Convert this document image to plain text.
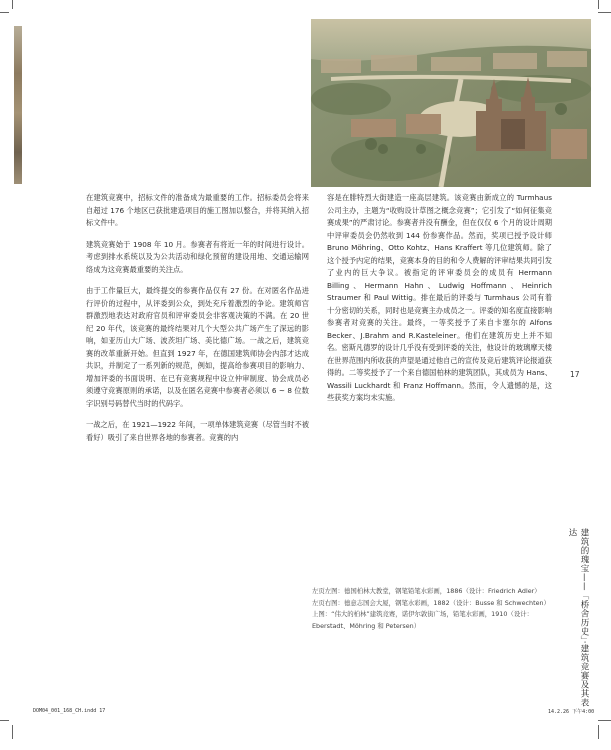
在建筑竞赛中，招标文件的准备成为最重要的工作。招标委员会将来自超过 176 个地区已获批建造项目的施工图加以整合，并将其纳入招标文件中。

建筑竞赛始于 1908 年 10 月。参赛者有将近一年的时间进行设计。考虑到排水系统以及为公共活动和绿化预留的建设用地、交通运输网络成为这竞赛最重要的关注点。

由于工作量巨大，最终提交的参赛作品仅有 27 份。在对匿名作品进行评价的过程中，从评委到公众，到处充斥着激烈的争论。建筑师官群激烈地表达对政府官员和评审委员会非客观决策的不满。在 20 世纪 20 年代，该竞赛的最终结果对几个大型公共广场产生了深远的影响，如亚历山大广场、波茨坦广场、美比德广场。一战之后，建筑竞赛的改革重新开始。但直到 1927 年，在德国建筑师协会内部才达成共识，并制定了一系列新的规范，例如，提高给参赛项目的影响力、增加评委的书面说明、在已有竞赛规程中设立仲审制度、协会成员必须遵守竞赛原则的承诺，以及在匿名竞赛中参赛者必须以 6 ~ 8 位数字识别号码替代当时的代码字。

一战之后，在 1921—1922 年间，一项单体建筑竞赛（尽管当时不被看好）吸引了来自世界各地的参赛者。竞赛的内

容是在腓特烈大街建造一座高层建筑。该竞赛由新成立的 Turmhaus 公司主办，主题为“收购设计草图之概念竞赛”；它引发了“如何征集竞赛成果”的严肃讨论。参赛者并没有酬金，但在仅仅 6 个月的设计周期中评审委员会仍然收到 144 份参赛作品。然而，奖项已授予设计师 Bruno Möhring、Otto Kohtz、Hans Kraffert 等几位建筑师。除了这个授予内定的结果，竞赛本身的目的和令人费解的评审结果共同引发了业内的巨大争议。被指定的评审委员会的成员有 Hermann Billing、Hermann Hahn、Ludwig Hoffmann、Heinrich Straumer 和 Paul Wittig。排在最后的评委与 Turmhaus 公司有着十分密切的关系，同时也是竞赛主办成员之一。评委的知名度直接影响参赛者对竞赛的关注。最终，一等奖授予了来自卡塞尔的 Alfons Becker、J.Brahm and R.Kasteleiner。他们在建筑历史上并不知名。密斯凡德罗的设计几乎没有受到评委的关注，他设计的玻璃摩天楼在世界范围内所收获的声望是通过他自己的宣传及竞后建筑评论报道获得的。二等奖授予了一个来自德国柏林的建筑团队，其成员为 Hans、Wassili Luckhardt 和 Franz Hoffmann。然而，令人遗憾的是，这些获奖方案均未实施。

17
建筑的瑰宝——「桥舍历史」·建筑竞赛及其表达
左页左图：德国柏林大教堂，钢笔铅笔水彩画，1886（设计：Friedrich Adler）
左页右图：德意志国会大厦，钢笔水彩画，1882（设计：Busse 和 Schwechten）
上图：“伟大的柏林”建筑竞赛，诺伊尔敦街广场，铅笔水彩画，1910（设计：Eberstadt、Möhring 和 Petersen）
DOM04_001_168_CH.indd 17	14.2.26 下午4:00
